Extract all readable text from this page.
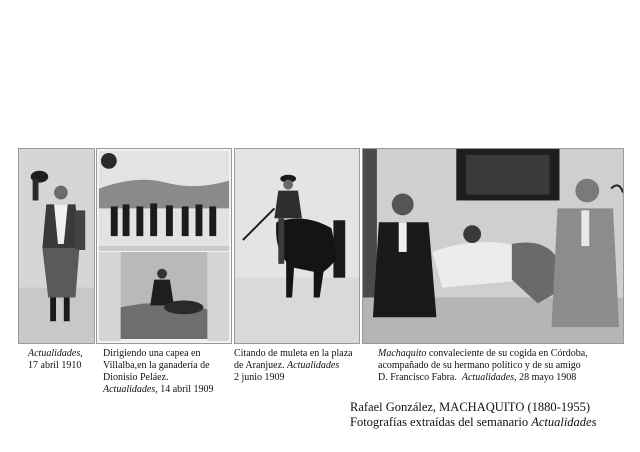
Actualidades,
17 abril 1910
Dirigiendo una capea en
Villalba,en la ganadería de
Dionisio Peláez.
Actualidades, 14 abril 1909
Citando de muleta en la plaza
de Aranjuez. Actualidades
2 junio 1909
Machaquito convaleciente de su cogida en Córdoba,
acompañado de su hermano político y de su amigo
D. Francisco Fabra. Actualidades, 28 mayo 1908
Rafael González, MACHAQUITO (1880-1955)
Fotografías extraídas del semanario Actualidades
